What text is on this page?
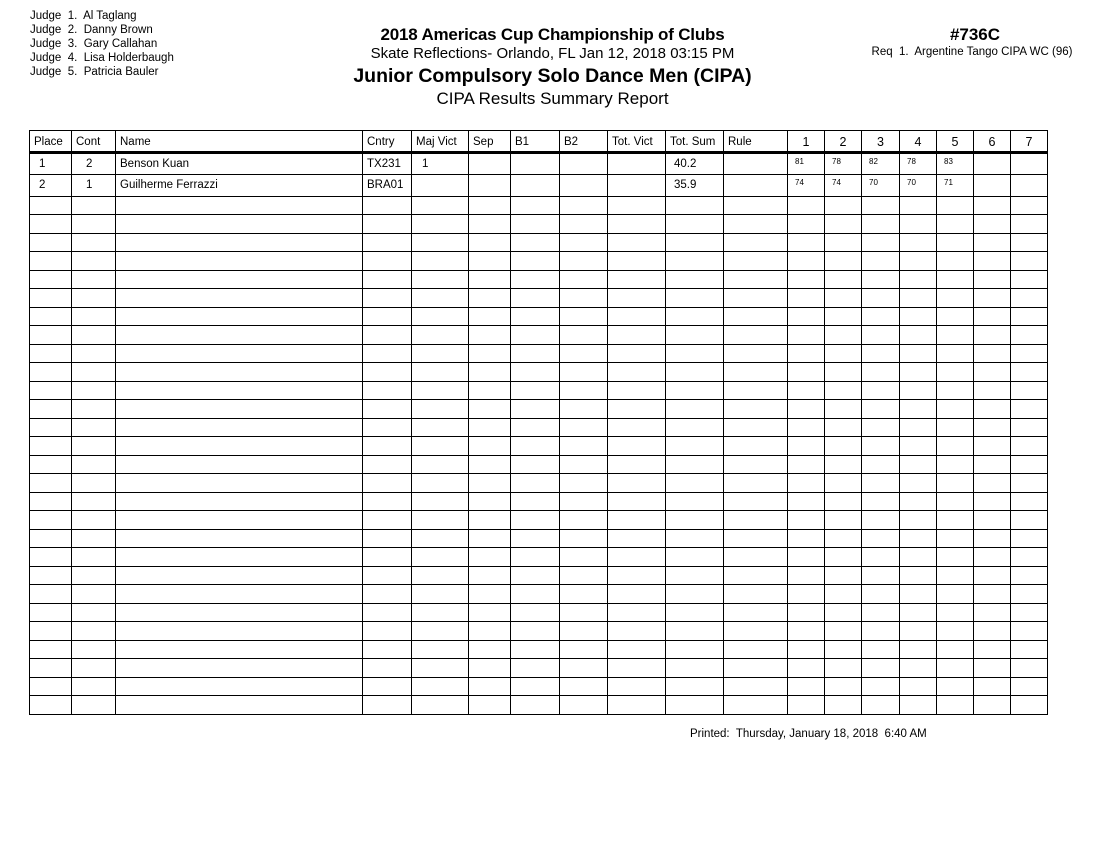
Judge  1.  Al Taglang
Judge  2.  Danny Brown
Judge  3.  Gary Callahan
Judge  4.  Lisa Holderbaugh
Judge  5.  Patricia Bauler
2018 Americas Cup Championship of Clubs
Skate Reflections- Orlando, FL Jan 12, 2018 03:15 PM
Junior Compulsory Solo Dance Men (CIPA)
CIPA Results Summary Report
#736C
Req  1.  Argentine Tango CIPA WC (96)
Place	Cont	Name	Cntry	Maj Vict	Sep	B1	B2	Tot. Vict	Tot. Sum	Rule	1	2	3	4	5	6	7
1	2	Benson Kuan	TX231	1					40.2		81	78	82	78	83		
2	1	Guilherme Ferrazzi	BRA01						35.9		74	74	70	70	71		

Printed:  Thursday, January 18, 2018  6:40 AM
